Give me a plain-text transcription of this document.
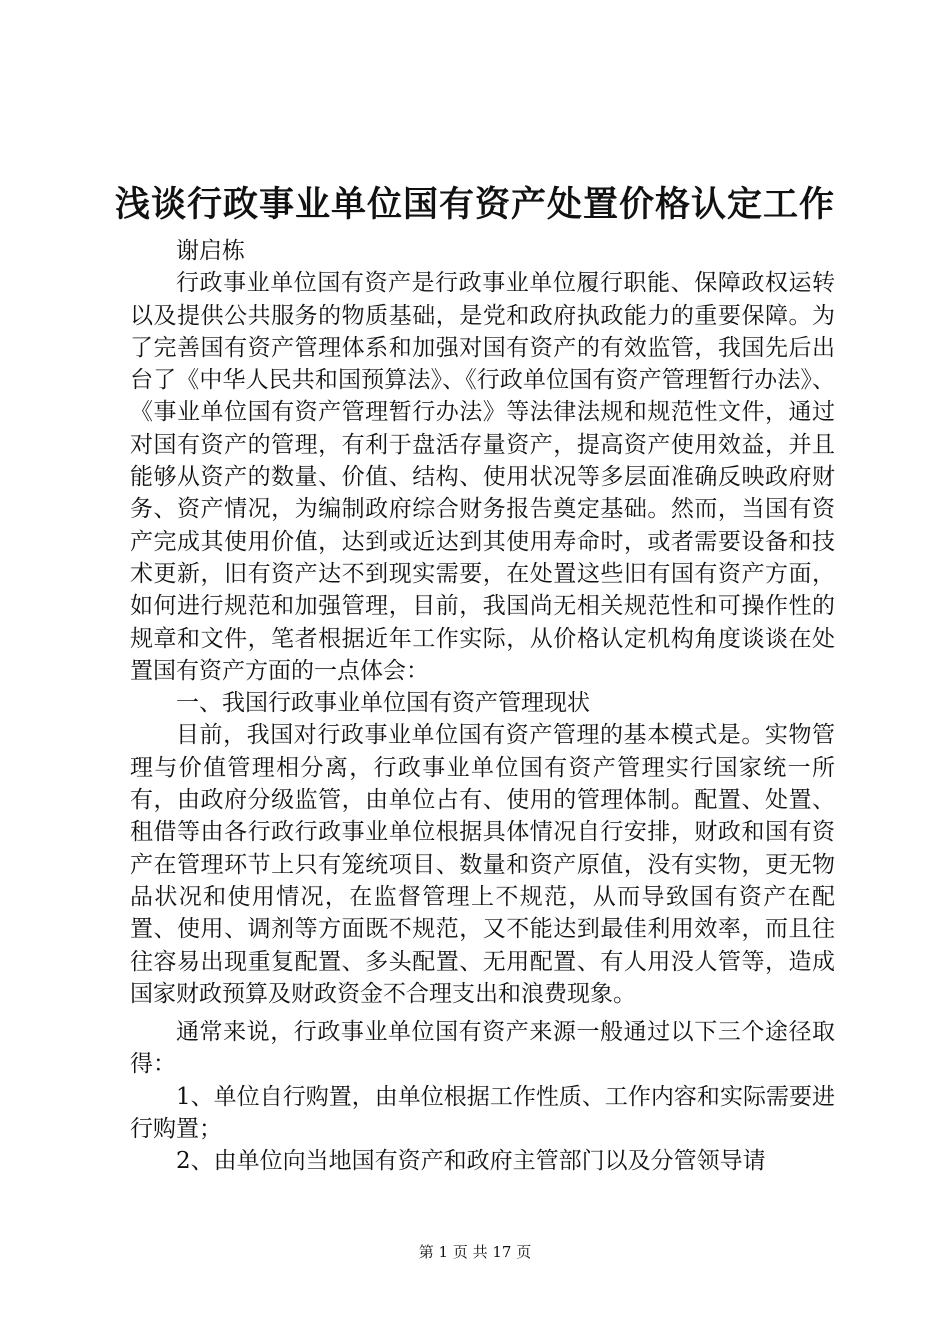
浅谈行政事业单位国有资产处置价格认定工作

谢启栋

行政事业单位国有资产是行政事业单位履行职能、保障政权运转以及提供公共服务的物质基础，是党和政府执政能力的重要保障。为了完善国有资产管理体系和加强对国有资产的有效监管，我国先后出台了《中华人民共和国预算法》、《行政单位国有资产管理暂行办法》、《事业单位国有资产管理暂行办法》等法律法规和规范性文件，通过对国有资产的管理，有利于盘活存量资产，提高资产使用效益，并且能够从资产的数量、价值、结构、使用状况等多层面准确反映政府财务、资产情况，为编制政府综合财务报告奠定基础。然而，当国有资产完成其使用价值，达到或近达到其使用寿命时，或者需要设备和技术更新，旧有资产达不到现实需要，在处置这些旧有国有资产方面，如何进行规范和加强管理，目前，我国尚无相关规范性和可操作性的规章和文件，笔者根据近年工作实际，从价格认定机构角度谈谈在处置国有资产方面的一点体会：

一、我国行政事业单位国有资产管理现状

目前，我国对行政事业单位国有资产管理的基本模式是。实物管理与价值管理相分离，行政事业单位国有资产管理实行国家统一所有，由政府分级监管，由单位占有、使用的管理体制。配置、处置、租借等由各行政行政事业单位根据具体情况自行安排，财政和国有资产在管理环节上只有笼统项目、数量和资产原值，没有实物，更无物品状况和使用情况，在监督管理上不规范，从而导致国有资产在配置、使用、调剂等方面既不规范，又不能达到最佳利用效率，而且往往容易出现重复配置、多头配置、无用配置、有人用没人管等，造成国家财政预算及财政资金不合理支出和浪费现象。

通常来说，行政事业单位国有资产来源一般通过以下三个途径取得：

1、单位自行购置，由单位根据工作性质、工作内容和实际需要进行购置；

2、由单位向当地国有资产和政府主管部门以及分管领导请

第 1 页 共 17 页
